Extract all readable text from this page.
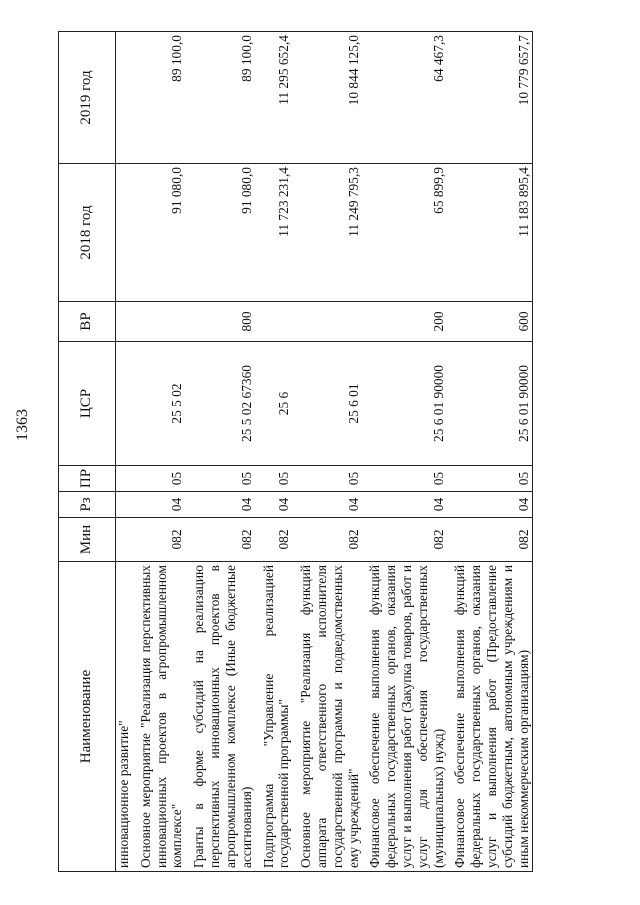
1363
Наименование	Мин	Рз	ПР	ЦСР	ВР	2018 год	2019 год
инновационное развитие"							
Основное мероприятие "Реализация перспективных инновационных проектов в агропромышленном комплексе"	082	04	05	25 5 02		91 080,0	89 100,0
Гранты в форме субсидий на реализацию перспективных инновационных проектов в агропромышленном комплексе (Иные бюджетные ассигнования)	082	04	05	25 5 02 67360	800	91 080,0	89 100,0
Подпрограмма "Управление реализацией государственной программы"	082	04	05	25 6		11 723 231,4	11 295 652,4
Основное мероприятие "Реализация функций аппарата ответственного исполнителя государственной программы и подведомственных ему учреждений"	082	04	05	25 6 01		11 249 795,3	10 844 125,0
Финансовое обеспечение выполнения функций федеральных государственных органов, оказания услуг и выполнения работ (Закупка товаров, работ и услуг для обеспечения государственных (муниципальных) нужд)	082	04	05	25 6 01 90000	200	65 899,9	64 467,3
Финансовое обеспечение выполнения функций федеральных государственных органов, оказания услуг и выполнения работ (Предоставление субсидий бюджетным, автономным учреждениям и иным некоммерческим организациям)	082	04	05	25 6 01 90000	600	11 183 895,4	10 779 657,7
